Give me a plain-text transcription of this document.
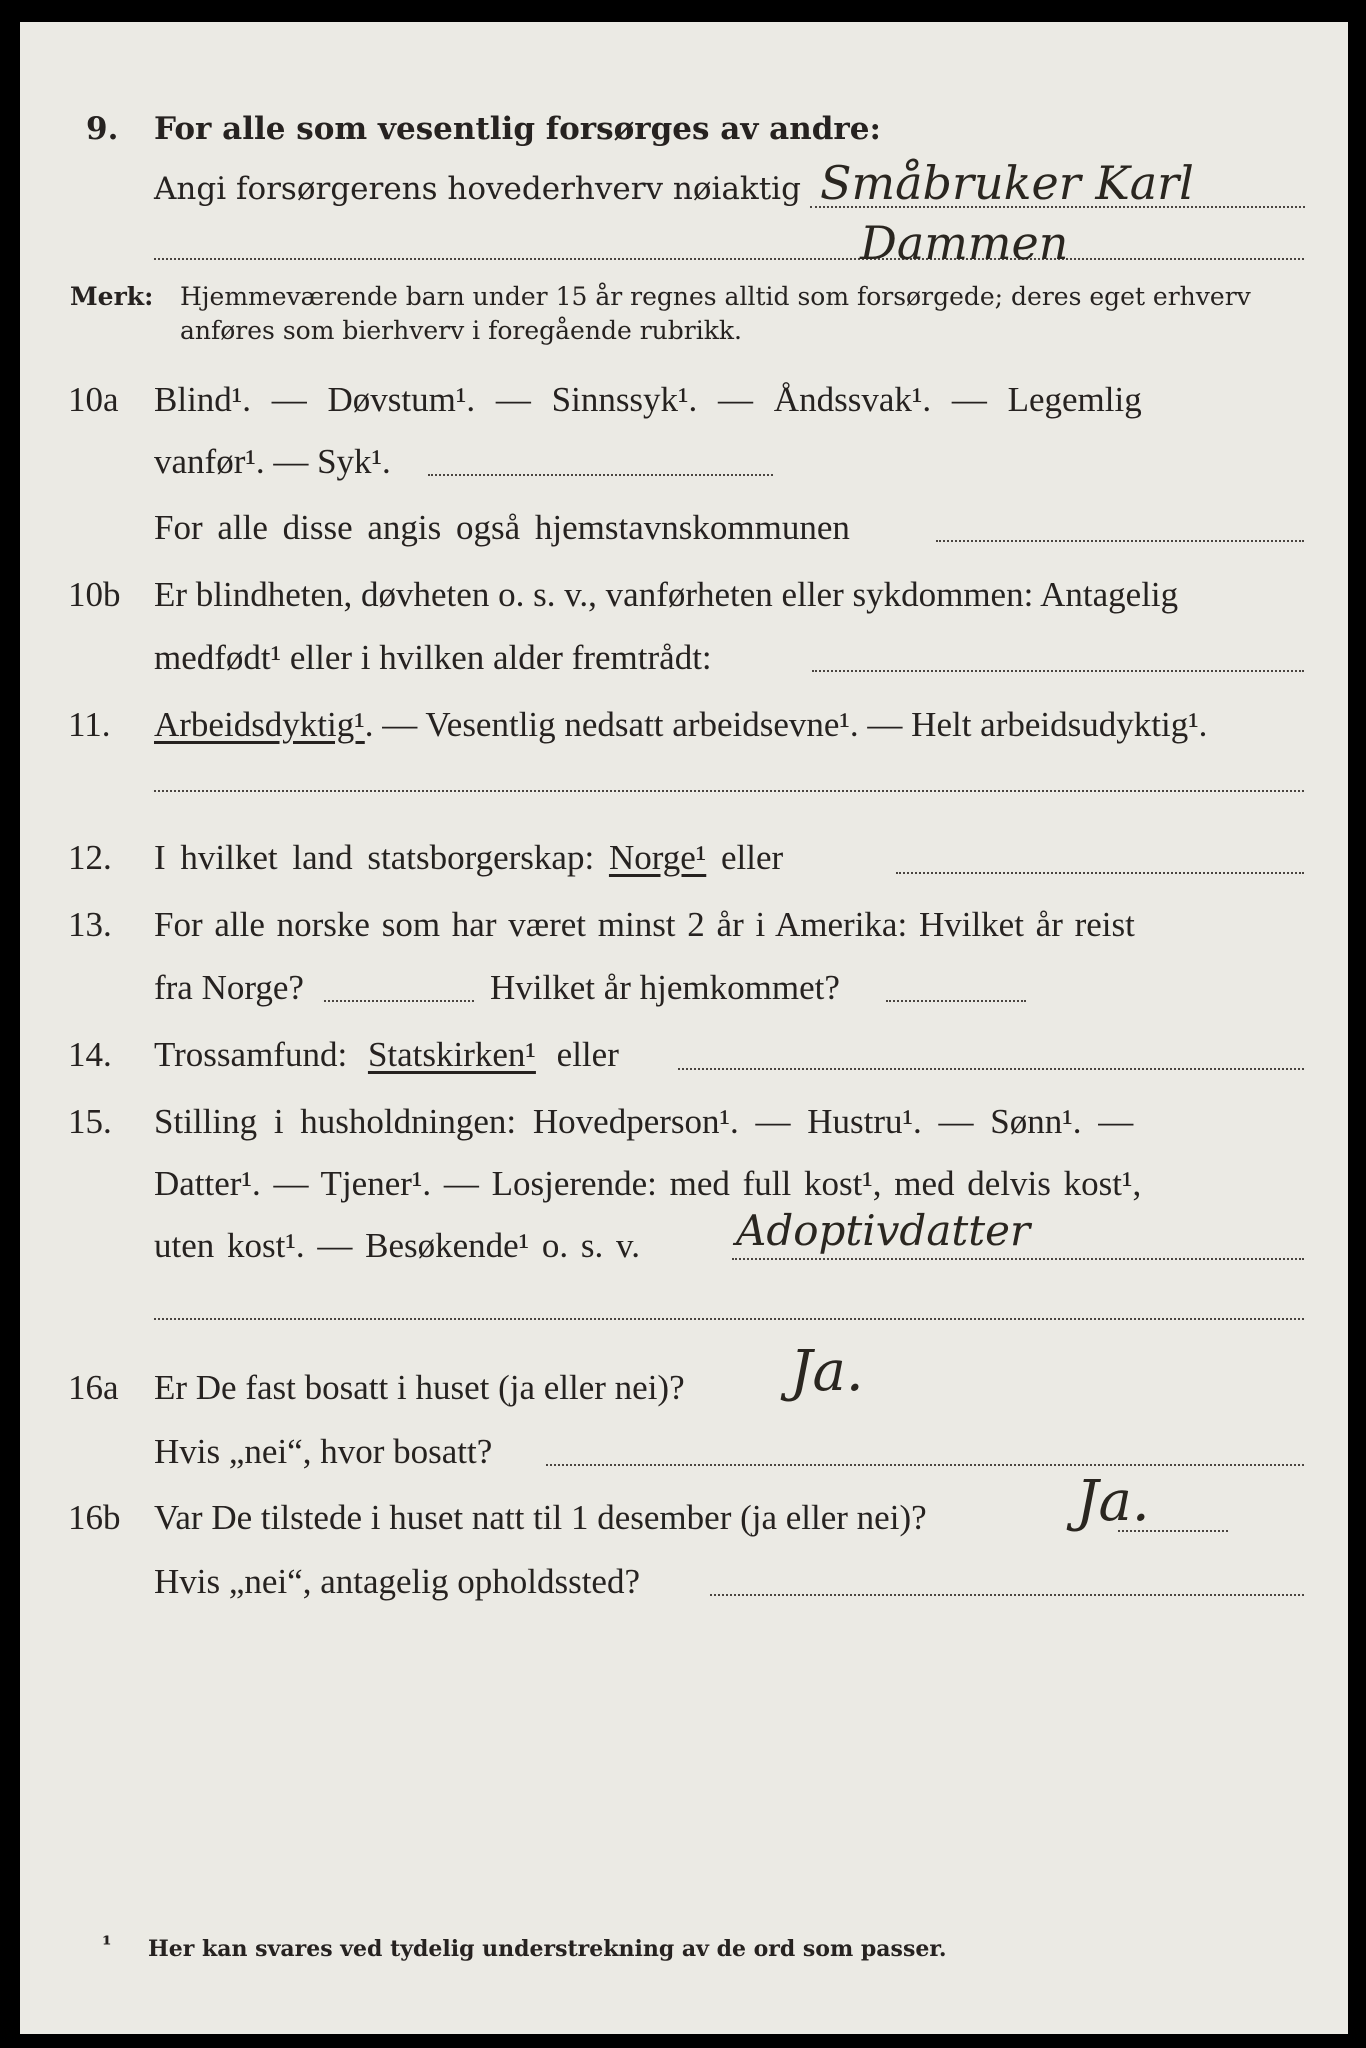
9. For alle som vesentlig forsørges av andre:
Angi forsørgerens hovederhverv nøiaktig Småbruker Karl
Dammen
Merk: Hjemmeværende barn under 15 år regnes alltid som forsørgede; deres eget erhverv
anføres som bierhverv i foregående rubrikk.
10a Blind¹. — Døvstum¹. — Sinnssyk¹. — Åndssvak¹. — Legemlig
vanfør¹. — Syk¹.
For alle disse angis også hjemstavnskommunen
10b Er blindheten, døvheten o. s. v., vanførheten eller sykdommen: Antagelig
medfødt¹ eller i hvilken alder fremtrådt:
11. Arbeidsdyktig¹. — Vesentlig nedsatt arbeidsevne¹. — Helt arbeidsudyktig¹.
12. I hvilket land statsborgerskap: Norge¹ eller
13. For alle norske som har været minst 2 år i Amerika: Hvilket år reist
fra Norge?	Hvilket år hjemkommet?
14. Trossamfund: Statskirken¹ eller
15. Stilling i husholdningen: Hovedperson¹. — Hustru¹. — Sønn¹. —
Datter¹. — Tjener¹. — Losjerende: med full kost¹, med delvis kost¹,
uten kost¹. — Besøkende¹ o. s. v. Adoptivdatter
16a Er De fast bosatt i huset (ja eller nei)? Ja.
Hvis „nei“, hvor bosatt?
16b Var De tilstede i huset natt til 1 desember (ja eller nei)?	Ja.
Hvis „nei“, antagelig opholdssted?
¹ Her kan svares ved tydelig understrekning av de ord som passer.
